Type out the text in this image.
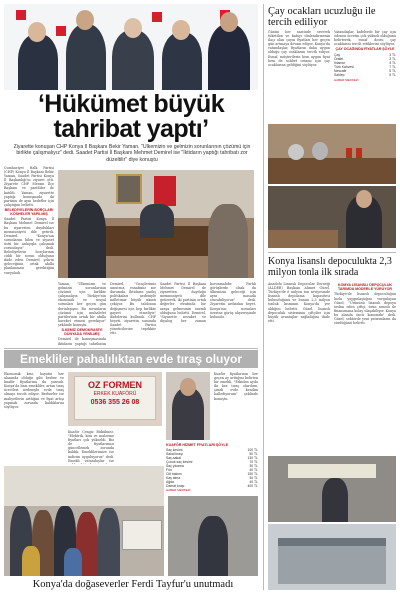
‘Hükümet büyük
tahribat yaptı’
Ziyarette konuşan CHP Konya İl Başkanı Bekir Yaman, "Ülkemizin ve gelmizin sorunlarının çözümü için birlikte çalışmalıyız" dedi. Saadet Partisi İl Başkanı Mehmet Demirel ise "İktidarın yaptığı tahribatı zor düzeltilir" diye konuştu

Cumhuriyet Halk Partisi (CHP) Konya İl Başkanı Bekir Yaman, Saadet Partisi Konya İl Başkanlığı'nı ziyaret etti. Ziyarete CHP Meram İlçe Başkanı ve partililer de katıldı. Yaman, ziyarette yaptığı konuşmada iki partinin de aynı hedefler için çalıştığını belirtti.

BELEDİYELERİN BORÇLARI KÖSHELER YAPILMIŞ

Saadet Partisi Konya İl Başkanı Mehmet Demirel ise bu ziyaretten duydukları memnuniyeti dile getirdi. Demirel, "Konya'nın sorunlarını bilen ve siyaset üstü bir anlayışla çalışmak zorundayız" dedi. Belediyelerin borçlarının ciddi bir sorun olduğunu ifade eden Demirel, şehrin geleceğinin ortak akılla planlanması gerektiğini vurguladı.

Yaman, "Ülkemizin ve gelmizin sorunlarının çözümü için birlikte çalışmalıyız. Türkiye'nin ekonomik ve sosyal sorunları her geçen gün derinleşiyor. Bu sorunların çözümü için muhalefet partilerinin ortak bir akılla hareket etmesi gerekiyor" şeklinde konuştu.

İLKEMİZ DEMOKRASİYİ DÜNYADA YENİLMİŞ

Demirel de konuşmasında iktidarın yaptığı tahribatın

Demirel, "Gençlerimiz umutsuz, esnafımız zor durumda. İktidarın yanlış politikaları nedeniyle milletimiz büyük sıkıntı çekiyor. Bu tablonun değişmesi için hep birlikte gayret etmeliyiz" ifadelerini kullandı. CHP heyeti, ziyaretin sonunda Saadet Partisi yöneticilerine teşekkür etti.

Saadet Partisi İl Başkanı Mehmet Demirel de ziyaretten duyduğu memnuniyeti dile getirerek, iki partinin ortak değerler etrafında bir araya gelmesinin önemli olduğunu belirtti. Demirel, "Siyasette nezaket ve diyalog her zaman korunmalıdır. Farklı görüşlerde olsak da ülkemizin geleceği için aynı masada oturabiliyoruz" dedi. Ziyaretin ardından heyet, Konya'nın sorunları üzerine görüş alışverişinde bulundu.

Çay ocakları ucuzluğu ile tercih ediliyor

Günün her saatinde severek tüketilen ve kafayı dinlendirmenin ilaçı olan çayın fiyatları her geçen gün artmaya devam ediyor. Konya'da vatandaşlar, fiyatların daha uygun olduğu çay ocaklarını tercih ediyor. Esnaf, müşterilerin hem uygun fiyat hem de sohbet ortamı için çay ocaklarına geldiğini söylüyor.

Vatandaşlar, kafelerde bir çay için ödenen ücretin çok yüksek olduğunu belirterek, esnaf dostu çay ocaklarını tercih ettiklerini söylüyor.

ÇAY OCAĞINDA FİYATLAR ŞÖYLE
Çay	3 TL
Oralet	3 TL
Ihlamur	4 TL
Türk Kahvesi	7 TL
Nescafe	5 TL
Sahlep	5 TL
HABER MERKEZİ
Konya lisanslı depoculukta 2,3 milyon tonla ilk sırada

Anadolu Lisanslı Depocular Derneği (ALDER) Başkanı Ahmet Güzel, Türkiye'de 6 milyon ton seviyesinde lisanslı depolama kapasitesi bulunduğunu ve bunun 2,3 milyon tonluk kısmının Konya'da yer aldığını belirtti. Güzel, lisanslı depoculuk sisteminin çiftçiler için büyük avantajlar sağladığını ifade etti.

KOMYA LİSANSLI DEPOCULUK TARIMDA MODERLE YÜRÜYOR

Türkiye'de lisanslı depoculuğun hızla yaygınlaştığını vurgulayan Güzel, "Ürününü lisanslı depoya teslim eden çiftçi, ürün senedi ile finansmana kolay ulaşabiliyor. Konya bu alanda öncü konumda" dedi. Güzel, sektörde yeni yatırımların da sürdüğünü belirtti.

Emekliler pahalılıktan evde tıraş oluyor

Ekonomik kriz, hayatın her alanında olduğu gibi berber ve kuaför fiyatlarına da yansıdı. Konya'da bazı emekliler, artan tıraş ücretleri nedeniyle evde tıraş olmayı tercih ediyor. Berberler ise maliyetlerin arttığını ve fiyat artışı yapmak zorunda kaldıklarını söylüyor.

OZ FORMEN
ERKEK KUAFÖRÜ
0536 355 26 08

Kuaför fiyatlarının her geçen ay arttığını belirten bir emekli, "Eskiden ayda iki kez tıraş olurdum, şimdi evde kendim hallediyorum" şeklinde konuştu.

Kuaför Cengiz Bükülmez, "Elektrik, kira ve malzeme fiyatları çok yükseldi. Biz de fiyatlarımızı güncellemek zorunda kaldık. Emeklilerimize ise indirim uyguluyoruz" dedi. Emekli vatandaşlar ise

KUAFÖR HİZMET FİYATLARI ŞÖYLE
Saç kesimi	100 TL
Sakal tıraşı	50 TL
Saç-sakal	130 TL
Çocuk saç kesimi	70 TL
Saç yıkama	30 TL
Fön	40 TL
Cilt bakımı	150 TL
Kaş alma	30 TL
Ağda	40 TL
Damat tıraşı	400 TL
HABER MERKEZİ
Konya'da doğaseverler Ferdi Tayfur'u unutmadı
